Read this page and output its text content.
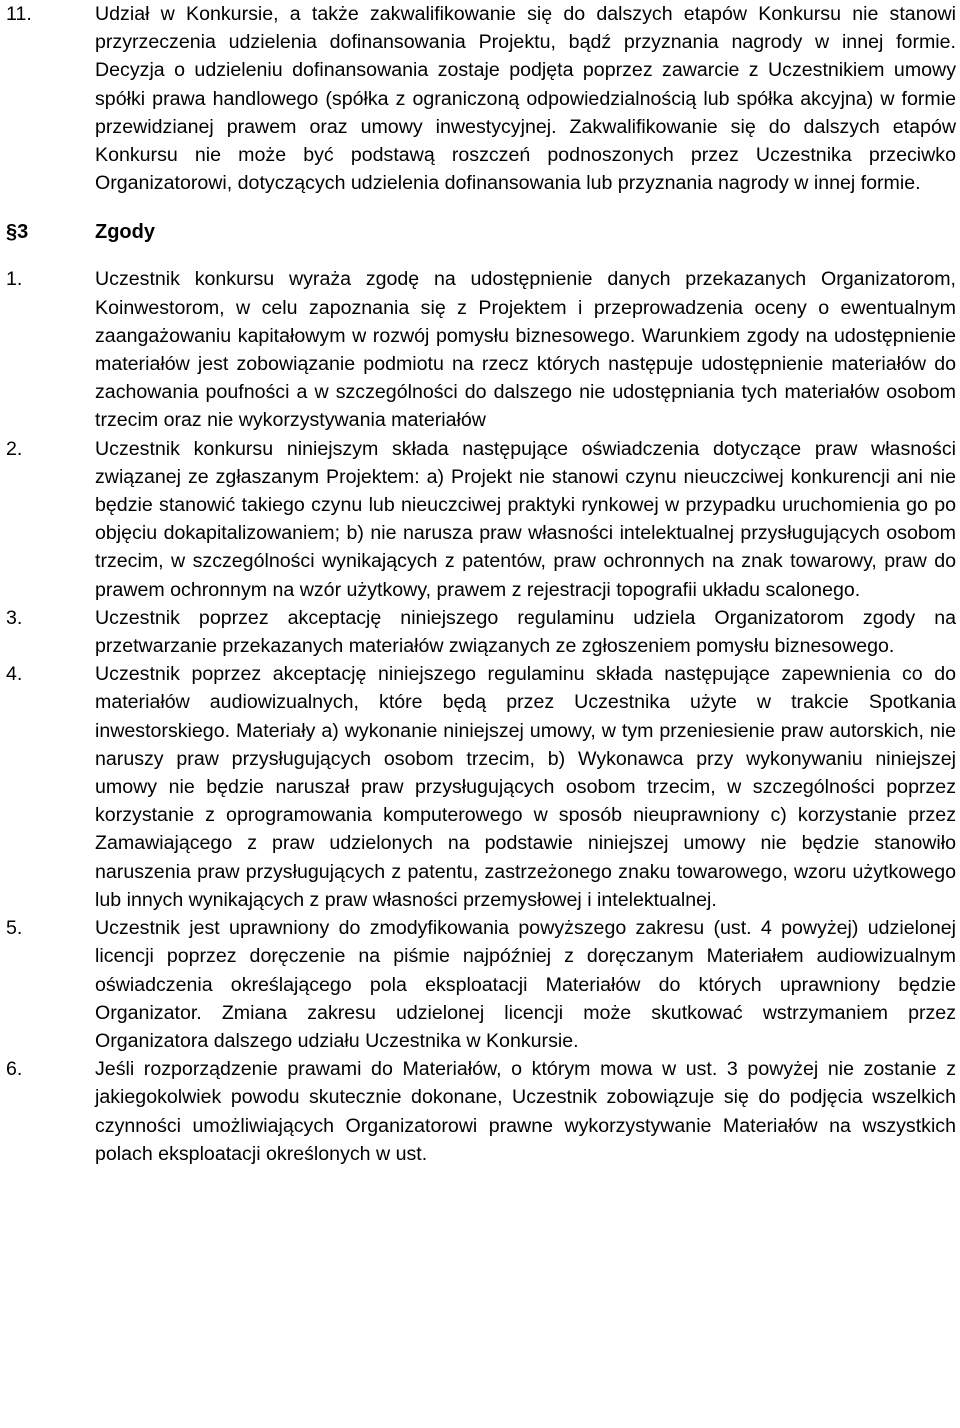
11.	Udział w Konkursie, a także zakwalifikowanie się do dalszych etapów Konkursu nie stanowi przyrzeczenia udzielenia dofinansowania Projektu, bądź przyznania nagrody w innej formie. Decyzja o udzieleniu dofinansowania zostaje podjęta poprzez zawarcie z Uczestnikiem umowy spółki prawa handlowego (spółka z ograniczoną odpowiedzialnością lub spółka akcyjna) w formie przewidzianej prawem oraz umowy inwestycyjnej. Zakwalifikowanie się do dalszych etapów Konkursu nie może być podstawą roszczeń podnoszonych przez Uczestnika przeciwko Organizatorowi, dotyczących udzielenia dofinansowania lub przyznania nagrody w innej formie.
§3	Zgody
1.	Uczestnik konkursu wyraża zgodę na udostępnienie danych przekazanych Organizatorom, Koinwestorom, w celu zapoznania się z Projektem i przeprowadzenia oceny o ewentualnym zaangażowaniu kapitałowym w rozwój pomysłu biznesowego. Warunkiem zgody na udostępnienie materiałów jest zobowiązanie podmiotu na rzecz których następuje udostępnienie materiałów do zachowania poufności a w szczególności do dalszego nie udostępniania tych materiałów osobom trzecim oraz nie wykorzystywania materiałów
2.	Uczestnik konkursu niniejszym składa następujące oświadczenia dotyczące praw własności związanej ze zgłaszanym Projektem: a) Projekt nie stanowi czynu nieuczciwej konkurencji ani nie będzie stanowić takiego czynu lub nieuczciwej praktyki rynkowej w przypadku uruchomienia go po objęciu dokapitalizowaniem; b) nie narusza praw własności intelektualnej przysługujących osobom trzecim, w szczególności wynikających z patentów, praw ochronnych na znak towarowy, praw do prawem ochronnym na wzór użytkowy, prawem z rejestracji topografii układu scalonego.
3.	Uczestnik poprzez akceptację niniejszego regulaminu udziela Organizatorom zgody na przetwarzanie przekazanych materiałów związanych ze zgłoszeniem pomysłu biznesowego.
4.	Uczestnik poprzez akceptację niniejszego regulaminu składa następujące zapewnienia co do materiałów audiowizualnych, które będą przez Uczestnika użyte w trakcie Spotkania inwestorskiego. Materiały a) wykonanie niniejszej umowy, w tym przeniesienie praw autorskich, nie naruszy praw przysługujących osobom trzecim, b) Wykonawca przy wykonywaniu niniejszej umowy nie będzie naruszał praw przysługujących osobom trzecim, w szczególności poprzez korzystanie z oprogramowania komputerowego w sposób nieuprawniony c) korzystanie przez Zamawiającego z praw udzielonych na podstawie niniejszej umowy nie będzie stanowiło naruszenia praw przysługujących z patentu, zastrzeżonego znaku towarowego, wzoru użytkowego lub innych wynikających z praw własności przemysłowej i intelektualnej.
5.	Uczestnik jest uprawniony do zmodyfikowania powyższego zakresu (ust. 4 powyżej) udzielonej licencji poprzez doręczenie na piśmie najpóźniej z doręczanym Materiałem audiowizualnym oświadczenia określającego pola eksploatacji Materiałów do których uprawniony będzie Organizator. Zmiana zakresu udzielonej licencji może skutkować wstrzymaniem przez Organizatora dalszego udziału Uczestnika w Konkursie.
6.	Jeśli rozporządzenie prawami do Materiałów, o którym mowa w ust. 3 powyżej nie zostanie z jakiegokolwiek powodu skutecznie dokonane, Uczestnik zobowiązuje się do podjęcia wszelkich czynności umożliwiających Organizatorowi prawne wykorzystywanie Materiałów na wszystkich polach eksploatacji określonych w ust.
